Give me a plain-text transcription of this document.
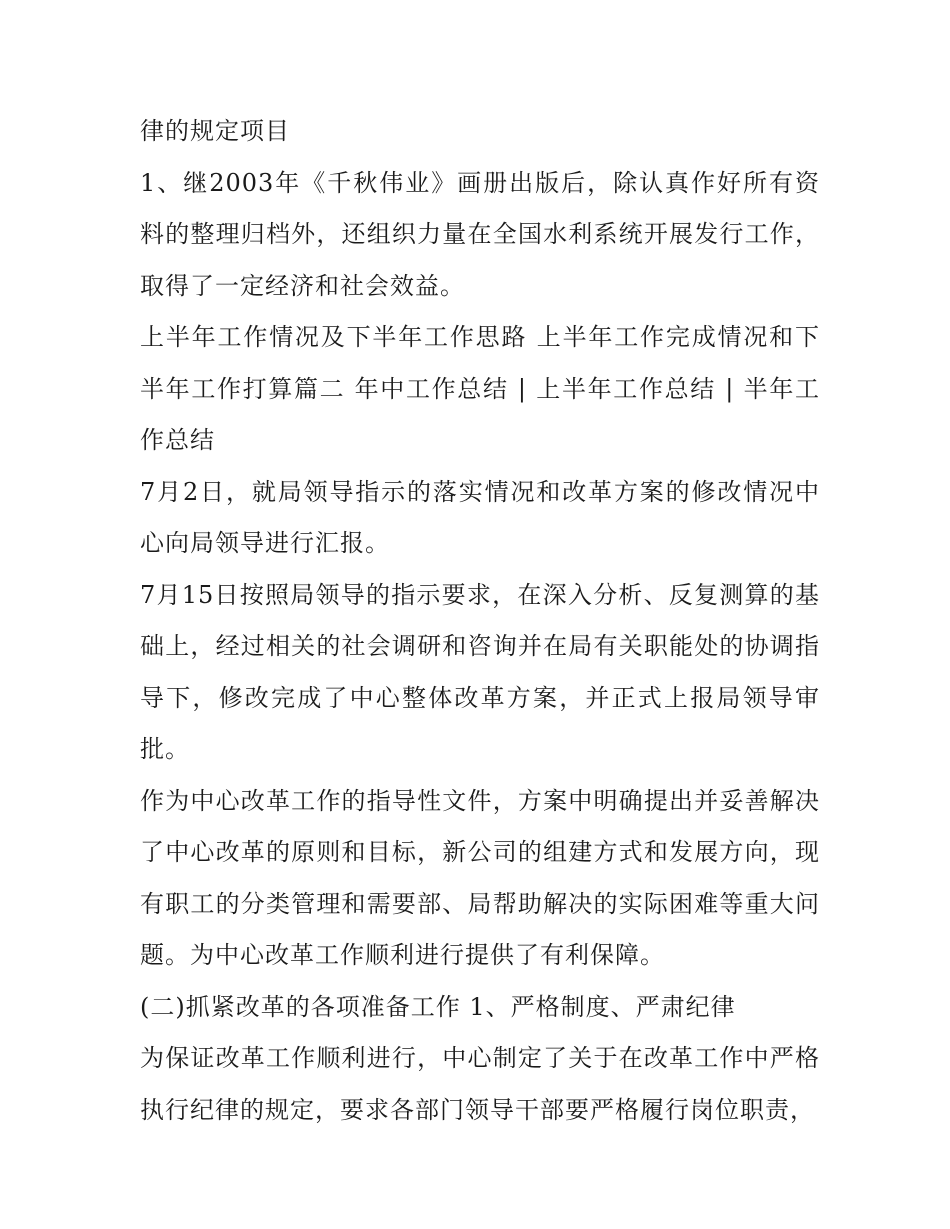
律的规定项目

1、继2003年《千秋伟业》画册出版后，除认真作好所有资料的整理归档外，还组织力量在全国水利系统开展发行工作，取得了一定经济和社会效益。

上半年工作情况及下半年工作思路 上半年工作完成情况和下半年工作打算篇二 年中工作总结 | 上半年工作总结 | 半年工作总结

7月2日，就局领导指示的落实情况和改革方案的修改情况中心向局领导进行汇报。

7月15日按照局领导的指示要求，在深入分析、反复测算的基础上，经过相关的社会调研和咨询并在局有关职能处的协调指导下，修改完成了中心整体改革方案，并正式上报局领导审批。

作为中心改革工作的指导性文件，方案中明确提出并妥善解决了中心改革的原则和目标，新公司的组建方式和发展方向，现有职工的分类管理和需要部、局帮助解决的实际困难等重大问题。为中心改革工作顺利进行提供了有利保障。

(二)抓紧改革的各项准备工作 1、严格制度、严肃纪律

为保证改革工作顺利进行，中心制定了关于在改革工作中严格执行纪律的规定，要求各部门领导干部要严格履行岗位职责，
